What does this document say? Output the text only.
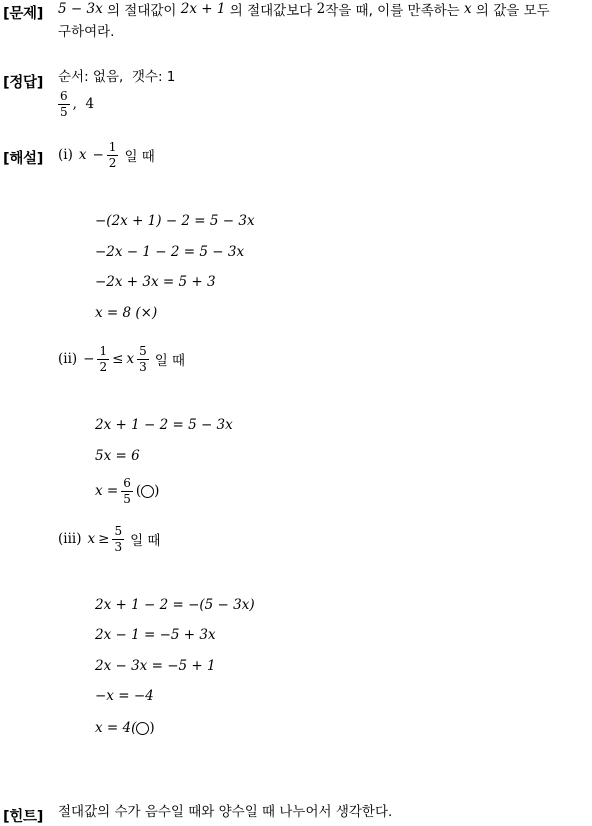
[문제] 5 − 3x 의 절대값이 2x + 1 의 절대값보다 2 작을 때, 이를 만족하는 x 의 값을 모두
구하여라.
[정답] 순서: 없음,  갯수: 1
$\frac{6}{5}$ ,  4
[해설] (i) $x - \frac{1}{2}$ 일 때
−(2x + 1) − 2 = 5 − 3x
−2x − 1 − 2 = 5 − 3x
−2x + 3x = 5 + 3
x = 8 (×)
$(ii) - \frac{1}{2} \le x \frac{5}{3}$ 일 때
2x + 1 − 2 = 5 − 3x
5x = 6
$x = \frac{6}{5}$ ( )
(iii) $x \ge \frac{5}{3}$ 일 때
2x + 1 − 2 = −(5 − 3x)
2x − 1 = −5 + 3x
2x − 3x = −5 + 1
−x = −4
x = 4( )
[힌트] 절대값의 수가 음수일 때와 양수일 때 나누어서 생각한다.
